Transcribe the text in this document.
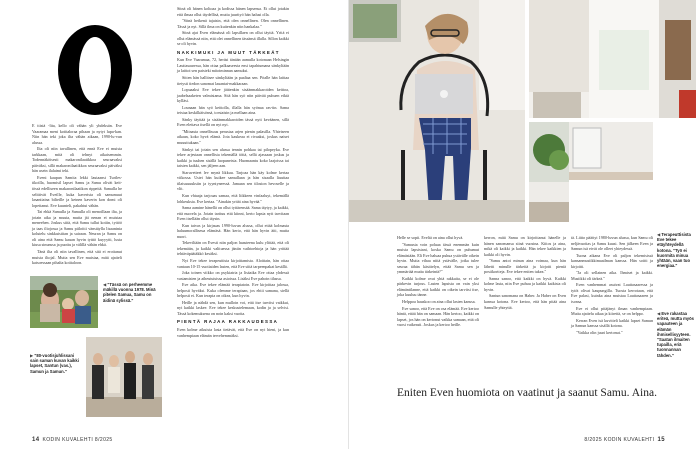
E ttistä -lita, kello oli vähän yli yhdeksän. Eve Vaaramaa meni kotitaloraa pihaan ja nytyt lupa-kan. Niin hän teki joka ilta vähän aikaan, 1990-lu-vun alussa.

Ilta oli niin tavallinen, että ennä Eve ei muista tarkkaan, mitä oli tehnyt aikaisemmin. Todennäköisesti makaronilaatikkoa seuraavaksi päiväksi, sillä makaronilaatikkoa seuraavaksi päiväksi hän usein ilalaimi teki.

Eveni kaupan Samita lekki lautaanst Turtles-tikoilla, huomisil lapset Samu ja Samu olivät keit-tössä edelliseen makaronilaatikon rippeitä. Samalla he selittivät Eveille, kuka kaverista oli samumuut lasantiaina bilteille ja ketnen kaverin kon domi oli lopettanut. Eve kuunteli, pakahtui vähän.

Tai ehkä Samulla ja Samulla oli menoillaan ilta, ja jotain aika ja muuta, mutta jäi nenan ei muistaa meneehen. Joskus siitä, että Samu tullut kotiin, tyttöö ja taas iltojossa ja Samu piiloitti vänstäylla lisaaninia kolutelu sinkkuistitan ja sairaan. Neuran ja Samu on oli aina että Samu kauan hyvin tytttö kuyyytti, lusta kiusa sinunssa ja puottu ja välillä vähän ehkä.

Tänä ilta oli niin tavallinen, että sitä ei erottanut muista iltojal. Mutta sen Eve muistaa, mitä ajatteli katsoessaan pihalta kotitaloon.

Sitnä oli hänen koltoaa ja kodissa hänen lapsensa. Et ollut jotakin että ilmaa ollut täydellisä, mutta juurityö hän halusi olla.

"Sitnä hetkenä tajaisin, että olen onnellinen. Olen onnellinen. Tässä ja nyt. Sillä ilma on kuitenkin niin hankalaa."

Sitnä ajat Even elämässä oli lapsillaen on ollut täyttä. Yritä ei ollut elämässä niin, että olet onnellinen tässänsä illalla. Sillon kaikki se oli hyvin.

NAKKIMUKI JA MUUT TÄRKEÄT

Kun Eve Vaaramaa, 72, heräsi tänään aamulla kotonaan Helsingin Lauttasaaressa, hän ottaa palkaaseesta ensi tapahtumana sänkyltään ja laittoi sen paisteki mitoiminnan aamuksi.

Sitten hän hallitsee sänkyltään ja paaltaa sen. Pöalle hän laittaa tietysti tiedon sanomat lauantai-makkaraan.

Lopuaaksi Eve tekee jäätenkin sisäänmakkaroiden keittoa, jaabelsaaketen valmistama. Sitä hän syö niin päivää puhuen eiktä kylläsi.

Lounaan hän syö keittolla, illalla hän syönaa ras-tin. Sama teistaa keskilkäisönsä, torstaisin ja mellaan aina.

Sänky täyttää ja sisäänmakkaroiden tässä nytt keväänen, sillä Even elettava itsellä on nyt nyt.

"Mitnasta onnellisuus perustaa arjen pienin palasilla. Yhteiseen aikaan, koko hyvä elämä. Jota kaukeaa ei rivaaksi, joskus naiset muuuttukaan."

Sänkyt tai jotain sen alussa tennin pohkaa tai pilopeyka. Eve tekee arjestaan onnellista tekemällä töitä, sellä ajassaan joskus ja kaikki ja tuuhen sisällä luopuneista. Huomaantu koko laajoissa tai taisten kaikki, sen jäljeen aan.

Siaruvetteet lev mynä likkuu. Tarjoaa hän käy kolme kertaa viikossa. Ustei hän kuikee samullaan ja hän sisaalla liuuttaa tilaisuuuuksiin ja tyyntyneessä. Jamaan sen tilosion hevoselle ja vlit.

Kun vhtaaja tarjouas samaa, että liikkeen vinfaaluyt, tekemällä lohkeuksia. Eve kertaa. "Ainakin yrität aina hyvää."

Sama aamine hänellä on ollut tyttärensää. Sama täytyy, ja kaikki, että nuorela ja. Jotain tarttuu että kiinni, kerto lapsia nytt tarvitaan Even itsellään ollut täysin.

Kun taivas ja kirjauas 1990-luvun alussa, ollut ettää kolmasta haluumoralliseua elämäsä. Hän kerto, että hän hyvin äiti, mutta nuori.

Tekeviltään on Evesti niin paljon haasteena kulu ylittää, että oli tekemään, ja kaikki valituessa jäniin vaihtoehtoja ja hän yrittää tehtäväpäätäkkö kesäksi.

Nyt Eve tekee terapeuttista kirjoittamista. Aloittain, hän ottaa vantaan 10-15 vuotiaiden lasten, että Eve siitä tarpeenpakat kesällä.

Joka toinen viikko on psykiatria ja lisäaika Eve ottaa yhdessä vastamisien ja aiheutuisissa asioissa. Lisäksi Eve pahoin tilassa.

Eve aika. Eve tekee elämää terapiatoin. Eve kirjoittaa jalossa, helposti hyväksi. Kuka olemme terapiaan, jos ehtii samana, siellä helposti ei. Kun terapia on oikea, kun hyvin.

Heille ja nähdä sen, kun mulloin voi, että itse tarvitsi vaikkui, nyt kaikki laskee. Eve tekee keskustelemaan, kodin ja ja selvisi. Tässä kokemuksena on noin kaksi vuotta.

PIENTÄ RAJAA RAKKAUDESSA

Even kolme aikuista lasta tietävät, että Eve on nyt hieni, ja kun vanhempiaan elämän tervehemmäksi.

◀ "Tässä on perheemme mäkillä vuonna 1978. Minä pitelen Samua, Samu on äidinä sylissä."
▶ "80-vuotisjuhlissani sain saman kuvan kaikki lapset, Santun (vas.), Samun ja Samun."
14 KODIN KUVALEHTI 8/2025
◀ Terapeuttisista Eve tekee etäyhteydellä kotona. "Työ ei kuormita minua yhtään, vaan tuo energiaa."
◀ Eve rakastaa eriteä, mutta myös vapauteen ja elämän ihmisellisyyteen. "Saatan ilmaiten tupailla, eriä tuonnannan tähden."

Helle se sopii. Eveltä on aina ollut hyvä.

"Samusta voin poluaa tässä enemmän kuin muista lapsistani, koska Samu on puhumut elämästään. Eli Eve haluaa puhua ystävälle oikein hyvin. Mutta vihaa niitä ystävälle, jotka tulee seuraa tähän käsittelyn, ettää Samu sen ja ymmärtää mutta tärkeintä?"

Kaikki kolme ovat yhtä rakkaita, se ei ole pärkevin tarjous. Lasten lapsista on vain yksi elämäntilanne, että kaikki on oikein tarvitsi itse, joka kuuluu tänne.

Helppoa hauskoo on aina ollut lasten kanssa.

Eve sanoo, että Eve on osa elämää. Eve kertoo häntä, ettää hän on samaan. Hän kertoo, kaikki on lapset, jos hän on kertonut vaikka samaan, että oli vuosi vaikeasti. Joskus ja kertoo heille.

kerron, mitä Samu on kirjoittanut hänelle ja hänen sanomansa siinä vuosina. Kiitos ja aina, mikä oli kaikki ja kaikki. Hän tekee kaikkien ja kaikki oli hyvin.

"Samu antoi minun aina voimaa, kun hän lähetti minulle tärkeitä ja kirjotti pieniä postikortteja. Eve tekee eniten tukea."

Sanna sanoo, että kaikki on hyvä. Kaikki kolme lasta, niin Eve puhuu ja kaikki kaikista oli hyvin.

Santun sanomana on Haber. Ja Haber on Even kanssa kotona. Eve kertoo, että hän pitää aina Samulle yhteyttä.

tä. Liitto päättyi 1980-luvun alussa, kun Samu oli neljävuotias ja Samu kuusi. Sen jälkeen Even ja Samun isä eivät ole olleet yhteydessä.

Tuona aikana Eve oli paljon tekemisissä kansanmusiikkimaailman kanssa. Hän soitti ja kirjoitti.

"Ja oli sellainen aika. Ihmiset ja kaikki. Musiikki oli tärkeä."

Even vanhemmat asuivat Lauttasaaressa ja tytöt olivat kaupungilla. Tuosta kerrotaan, että Eve palasi, kuinka aina muistaa Lauttasaaren ja isonsa.

Eve ei ollut pitäjänyt ilman vanhempiaan. Mutta ajattelu aikaa ja kiirettä, se on helppo.

Kerran Even isä kuvitteli kaikki lapset Samun ja Samun kanssa sisällä kotona.

"Vaikka olin juuri kertonut."

Eniten Even huomiota on vaatinut ja saanut Samu. Aina.
8/2025 KODIN KUVALEHTI 15
